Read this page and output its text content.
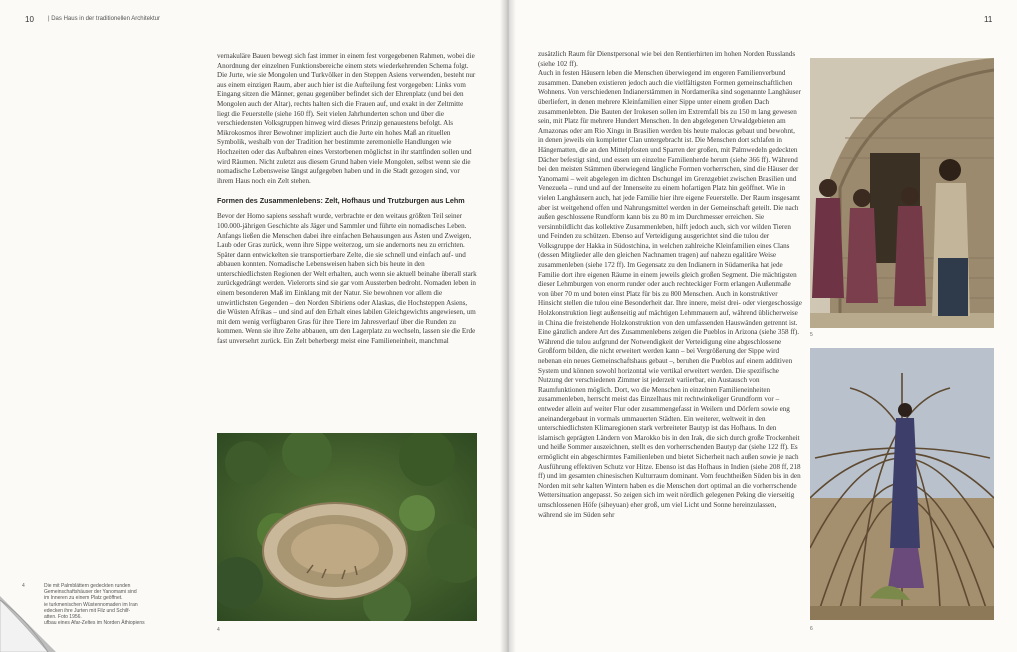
10 | Das Haus in der traditionellen Architektur

vernakuläre Bauen bewegt sich fast immer in einem fest vorgegebenen Rahmen, wobei die Anordnung der einzelnen Funktionsbereiche einem stets wiederkehrenden Schema folgt. Die Jurte, wie sie Mongolen und Turkvölker in den Steppen Asiens verwenden, besteht nur aus einem einzigen Raum, aber auch hier ist die Aufteilung fest vorgegeben: Links vom Eingang sitzen die Männer, genau gegenüber befindet sich der Ehrenplatz (und bei den Mongolen auch der Altar), rechts halten sich die Frauen auf, und exakt in der Zeltmitte liegt die Feuerstelle (siehe 160 ff). Seit vielen Jahrhunderten schon und über die verschiedensten Volksgruppen hinweg wird dieses Prinzip genauestens befolgt. Als Mikrokosmos ihrer Bewohner impliziert auch die Jurte ein hohes Maß an rituellen Symbolik, weshalb von der Tradition her bestimmte zeremonielle Handlungen wie Hochzeiten oder das Aufbahren eines Verstorbenen möglichst in ihr stattfinden sollen und wird Räumen. Nicht zuletzt aus diesem Grund haben viele Mongolen, selbst wenn sie die nomadische Lebensweise längst aufgegeben haben und in die Stadt gezogen sind, vor ihrem Haus noch ein Zelt stehen.

Formen des Zusammenlebens: Zelt, Hofhaus und Trutzburgen aus Lehm

Bevor der Homo sapiens sesshaft wurde, verbrachte er den weitaus größten Teil seiner 100.000-jährigen Geschichte als Jäger und Sammler und führte ein nomadisches Leben. Anfangs ließen die Menschen dabei ihre einfachen Behausungen aus Ästen und Zweigen, Laub oder Gras zurück, wenn ihre Sippe weiterzog, um sie andernorts neu zu errichten. Später dann entwickelten sie transportierbare Zelte, die sie schnell und einfach auf- und abbauen konnten. Nomadische Lebensweisen haben sich bis heute in den unterschiedlichsten Regionen der Welt erhalten, auch wenn sie aktuell beinahe überall stark zurückgedrängt werden. Vielerorts sind sie gar vom Aussterben bedroht. Nomaden leben in einem besonderen Maß im Einklang mit der Natur. Sie bewohnen vor allem die unwirtlichsten Gegenden – den Norden Sibiriens oder Alaskas, die Hochsteppen Asiens, die Wüsten Afrikas – und sind auf den Erhalt eines labilen Gleichgewichts angewiesen, um mit dem wenig verfügbaren Gras für ihre Tiere im Jahresverlauf über die Runden zu kommen. Wenn sie ihre Zelte abbauen, um den Lagerplatz zu wechseln, lassen sie die Erde fast unversehrt zurück. Ein Zelt beherbergt meist eine Familieneinheit, manchmal

4
4	Die mit Palmblättern gedeckten runden
Gemeinschaftshäuser der Yanomami sind
im Inneren zu einem Platz geöffnet.
ie turkmenischen Wüstennomaden im Iran
edecken ihre Jurten mit Filz und Schilf-
atten. Foto 1956.
ufbau eines Afar-Zeltes im Norden Äthiopiens
11

zusätzlich Raum für Dienstpersonal wie bei den Rentierhirten im hohen Norden Russlands (siehe 102 ff).

Auch in festen Häusern leben die Menschen überwiegend im engeren Familienverbund zusammen. Daneben existieren jedoch auch die vielfältigsten Formen gemeinschaftlichen Wohnens. Von verschiedenen Indianerstämmen in Nordamerika sind sogenannte Langhäuser überliefert, in denen mehrere Kleinfamilien einer Sippe unter einem großen Dach zusammenlebten. Die Bauten der Irokesen sollen im Extremfall bis zu 150 m lang gewesen sein, mit Platz für mehrere Hundert Menschen. In den abgelegenen Urwaldgebieten am Amazonas oder am Rio Xingu in Brasilien werden bis heute malocas gebaut und bewohnt, in denen jeweils ein kompletter Clan untergebracht ist. Die Menschen dort schlafen in Hängematten, die an den Mittelpfosten und Sparren der großen, mit Palmwedeln gedeckten Dächer befestigt sind, und essen um einzelne Familienherde herum (siehe 366 ff). Während bei den meisten Stämmen überwiegend längliche Formen vorherrschen, sind die Häuser der Yanomami – weit abgelegen im dichten Dschungel im Grenzgebiet zwischen Brasilien und Venezuela – rund und auf der Innenseite zu einem hofartigen Platz hin geöffnet. Wie in vielen Langhäusern auch, hat jede Familie hier ihre eigene Feuerstelle. Der Raum insgesamt aber ist weitgehend offen und Nahrungsmittel werden in der Gemeinschaft geteilt. Die nach außen geschlossene Rundform kann bis zu 80 m im Durchmesser erreichen. Sie versinnbildlicht das kollektive Zusammenleben, hilft jedoch auch, sich vor wilden Tieren und Feinden zu schützen. Ebenso auf Verteidigung ausgerichtet sind die tulou der Volksgruppe der Hakka in Südostchina, in welchen zahlreiche Kleinfamilien eines Clans (dessen Mitglieder alle den gleichen Nachnamen tragen) auf nahezu egalitäre Weise zusammenleben (siehe 172 ff). Im Gegensatz zu den Indianern in Südamerika hat jede Familie dort ihre eigenen Räume in einem jeweils gleich großen Segment. Die mächtigsten dieser Lehmburgen von enorm runder oder auch rechteckiger Form erlangen Außenmaße von über 70 m und boten einst Platz für bis zu 800 Menschen. Auch in konstruktiver Hinsicht stellen die tulou eine Besonderheit dar. Ihre innere, meist drei- oder viergeschossige Holzkonstruktion liegt außenseitig auf mächtigen Lehmmauern auf, während üblicherweise in China die freistehende Holzkonstruktion von den umfassenden Hauswänden getrennt ist.

Eine gänzlich andere Art des Zusammenlebens zeigen die Pueblos in Arizona (siehe 358 ff). Während die tulou aufgrund der Notwendigkeit der Verteidigung eine abgeschlossene Großform bilden, die nicht erweitert werden kann – bei Vergrößerung der Sippe wird nebenan ein neues Gemeinschaftshaus gebaut –, beruhen die Pueblos auf einem additiven System und können sowohl horizontal wie vertikal erweitert werden. Die spezifische Nutzung der verschiedenen Zimmer ist jederzeit variierbar, ein Austausch von Raumfunktionen möglich. Dort, wo die Menschen in einzelnen Familieneinheiten zusammenleben, herrscht meist das Einzelhaus mit rechtwinkeliger Grundform vor – entweder allein auf weiter Flur oder zusammengefasst in Weilern und Dörfern sowie eng aneinandergebaut in vormals ummauerten Städten. Ein weiterer, weltweit in den unterschiedlichsten Klimaregionen stark verbreiteter Bautyp ist das Hofhaus. In den islamisch geprägten Ländern von Marokko bis in den Irak, die sich durch große Trockenheit und heiße Sommer auszeichnen, stellt es den vorherrschenden Bautyp dar (siehe 122 ff). Es ermöglicht ein abgeschirmtes Familienleben und bietet Sicherheit nach außen sowie je nach Ausführung effektiven Schutz vor Hitze. Ebenso ist das Hofhaus in Indien (siehe 208 ff, 218 ff) und im gesamten chinesischen Kulturraum dominant. Vom feuchtheißen Süden bis in den Norden mit sehr kalten Wintern haben es die Menschen dort optimal an die vorherrschende Wettersituation angepasst. So zeigen sich im weit nördlich gelegenen Peking die vierseitig umschlossenen Höfe (siheyuan) eher groß, um viel Licht und Sonne hereinzulassen, während sie im Süden sehr

5
6
